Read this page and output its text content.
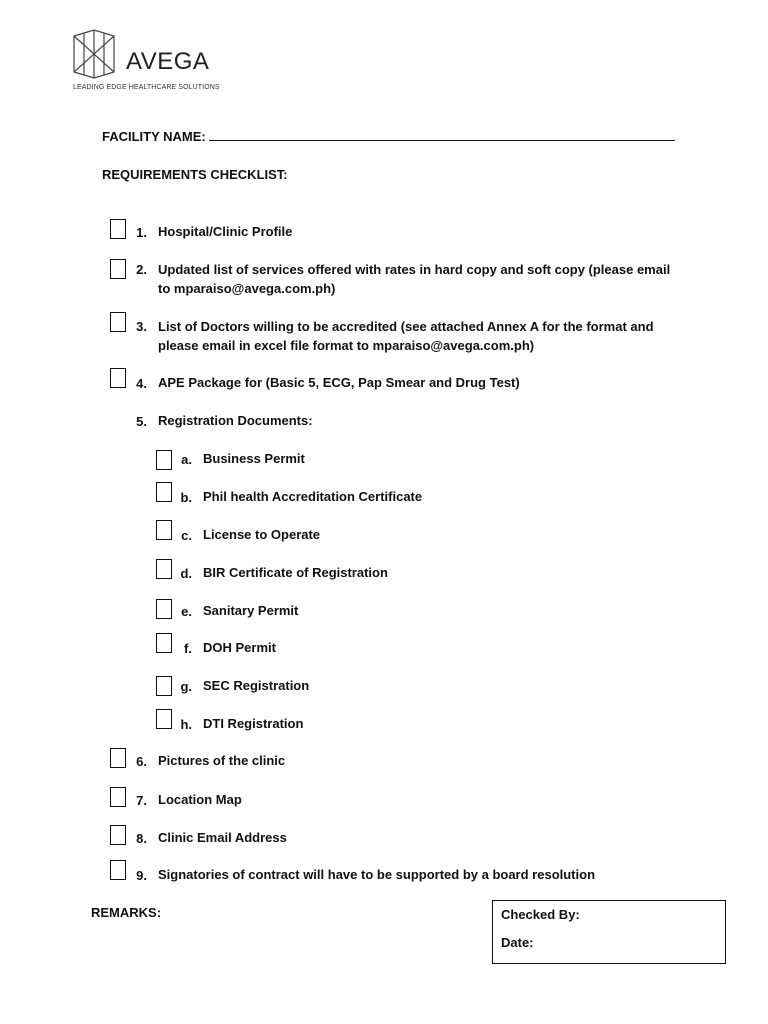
AVEGA
LEADING EDGE HEALTHCARE SOLUTIONS
FACILITY NAME:
REQUIREMENTS CHECKLIST:
1. Hospital/Clinic Profile
2. Updated list of services offered with rates in hard copy and soft copy (please email
to mparaiso@avega.com.ph)
3. List of Doctors willing to be accredited (see attached Annex A for the format and
please email in excel file format to mparaiso@avega.com.ph)
4. APE Package for (Basic 5, ECG, Pap Smear and Drug Test)
5. Registration Documents:
a. Business Permit
b. Phil health Accreditation Certificate
c. License to Operate
d. BIR Certificate of Registration
e. Sanitary Permit
f. DOH Permit
g. SEC Registration
h. DTI Registration
6. Pictures of the clinic
7. Location Map
8. Clinic Email Address
9. Signatories of contract will have to be supported by a board resolution
REMARKS:	Checked By:
Date:
